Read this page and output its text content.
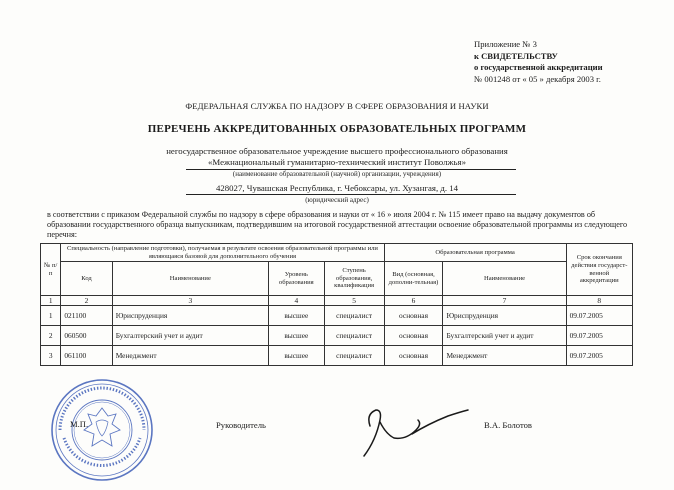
Приложение № 3
к СВИДЕТЕЛЬСТВУ
о государственной аккредитации
№ 001248 от « 05 » декабря 2003 г.
ФЕДЕРАЛЬНАЯ СЛУЖБА ПО НАДЗОРУ В СФЕРЕ ОБРАЗОВАНИЯ И НАУКИ
ПЕРЕЧЕНЬ АККРЕДИТОВАННЫХ ОБРАЗОВАТЕЛЬНЫХ ПРОГРАММ
негосударственное образовательное учреждение высшего профессионального образования
«Межнациональный гуманитарно-технический институт Поволжья»
(наименование образовательной (научной) организации, учреждения)
428027, Чувашская Республика, г. Чебоксары, ул. Хузангая, д. 14
(юридический адрес)
в соответствии с приказом Федеральной службы по надзору в сфере образования и науки от « 16 » июля 2004 г. № 115 имеет право на выдачу документов об образовании государственного образца выпускникам, подтвердившим на итоговой государственной аттестации освоение образовательной программы из следующего перечня:
№ п/п	Специальность (направление подготовки), получаемая в результате освоения образовательной программы или являющаяся базовой для дополнительного обучения				Образовательная программа		Срок окончания действия государст-венной аккредитации
	Код	Наименование	Уровень образования	Ступень образования, квалификация	Вид (основная, дополни-тельная)	Наименование	
1	2	3	4	5	6	7	8
1	021100	Юриспруденция	высшее	специалист	основная	Юриспруденция	09.07.2005
2	060500	Бухгалтерский учет и аудит	высшее	специалист	основная	Бухгалтерский учет и аудит	09.07.2005
3	061100	Менеджмент	высшее	специалист	основная	Менеджмент	09.07.2005
М.П.	Руководитель	В.А. Болотов
